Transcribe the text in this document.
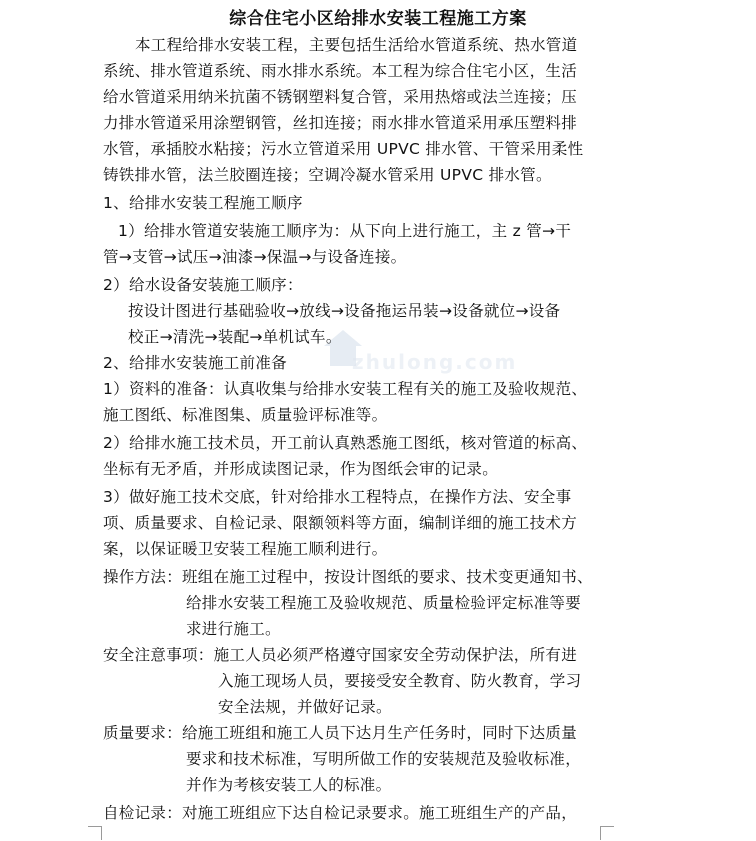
综合住宅小区给排水安装工程施工方案
zhulong.com
本工程给排水安装工程，主要包括生活给水管道系统、热水管道
系统、排水管道系统、雨水排水系统。本工程为综合住宅小区，生活
给水管道采用纳米抗菌不锈钢塑料复合管，采用热熔或法兰连接；压
力排水管道采用涂塑钢管，丝扣连接；雨水排水管道采用承压塑料排
水管，承插胶水粘接；污水立管道采用 UPVC 排水管、干管采用柔性
铸铁排水管，法兰胶圈连接；空调冷凝水管采用 UPVC 排水管。
1、给排水安装工程施工顺序
1）给排水管道安装施工顺序为：从下向上进行施工，主 z 管→干
管→支管→试压→油漆→保温→与设备连接。
2）给水设备安装施工顺序：
按设计图进行基础验收→放线→设备拖运吊装→设备就位→设备
校正→清洗→装配→单机试车。
2、给排水安装施工前准备
1）资料的准备：认真收集与给排水安装工程有关的施工及验收规范、
施工图纸、标准图集、质量验评标准等。
2）给排水施工技术员，开工前认真熟悉施工图纸，核对管道的标高、
坐标有无矛盾，并形成读图记录，作为图纸会审的记录。
3）做好施工技术交底，针对给排水工程特点，在操作方法、安全事
项、质量要求、自检记录、限额领料等方面，编制详细的施工技术方
案，以保证暖卫安装工程施工顺利进行。
操作方法：班组在施工过程中，按设计图纸的要求、技术变更通知书、
给排水安装工程施工及验收规范、质量检验评定标准等要
求进行施工。
安全注意事项：施工人员必须严格遵守国家安全劳动保护法，所有进
入施工现场人员，要接受安全教育、防火教育，学习
安全法规，并做好记录。
质量要求：给施工班组和施工人员下达月生产任务时，同时下达质量
要求和技术标准，写明所做工作的安装规范及验收标准，
并作为考核安装工人的标准。
自检记录：对施工班组应下达自检记录要求。施工班组生产的产品，
